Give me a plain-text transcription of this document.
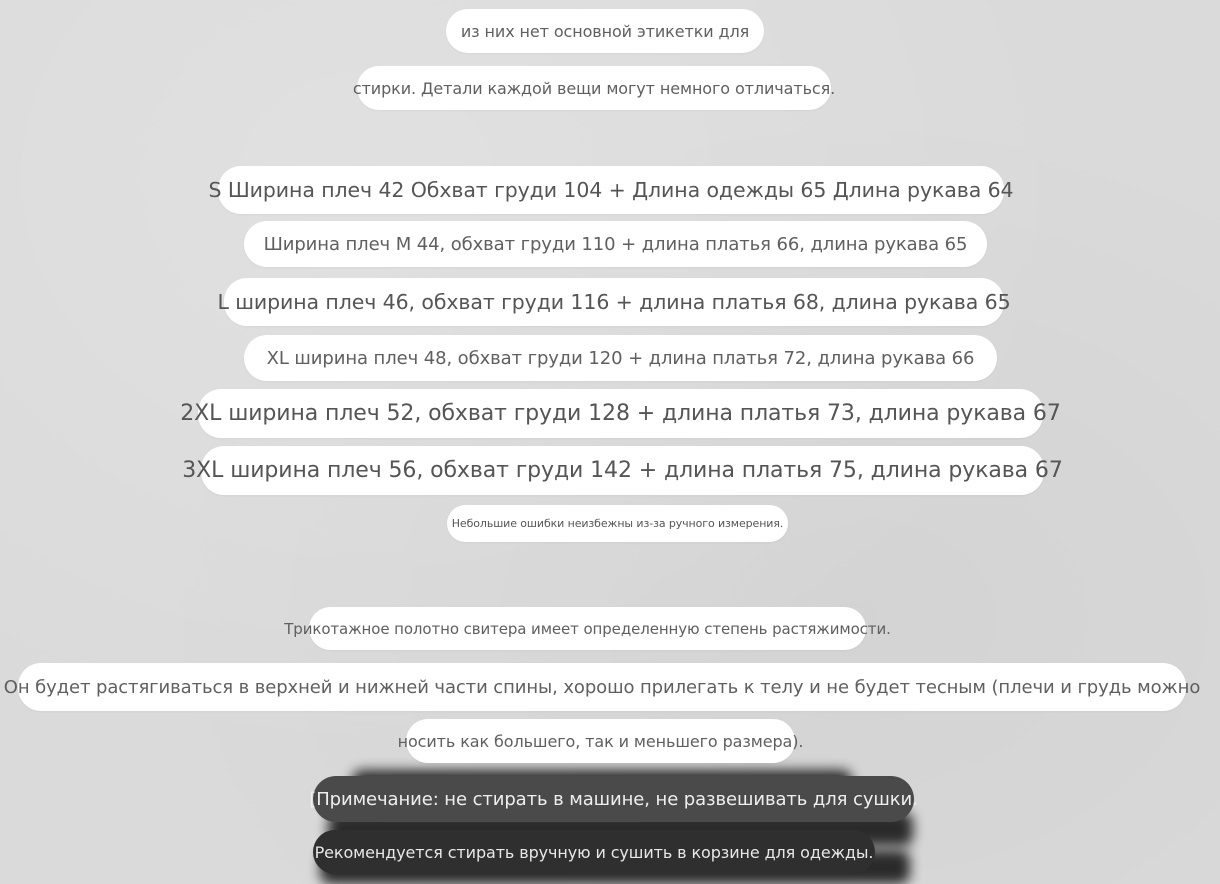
из них нет основной этикетки для
стирки. Детали каждой вещи могут немного отличаться.
S Ширина плеч 42 Обхват груди 104 + Длина одежды 65 Длина рукава 64
Ширина плеч M 44, обхват груди 110 + длина платья 66, длина рукава 65
L ширина плеч 46, обхват груди 116 + длина платья 68, длина рукава 65
XL ширина плеч 48, обхват груди 120 + длина платья 72, длина рукава 66
2XL ширина плеч 52, обхват груди 128 + длина платья 73, длина рукава 67
3XL ширина плеч 56, обхват груди 142 + длина платья 75, длина рукава 67
Небольшие ошибки неизбежны из-за ручного измерения.
Трикотажное полотно свитера имеет определенную степень растяжимости.
Он будет растягиваться в верхней и нижней части спины, хорошо прилегать к телу и не будет тесным (плечи и грудь можно
носить как большего, так и меньшего размера).
[Примечание: не стирать в машине, не развешивать для сушки.
Рекомендуется стирать вручную и сушить в корзине для одежды.
